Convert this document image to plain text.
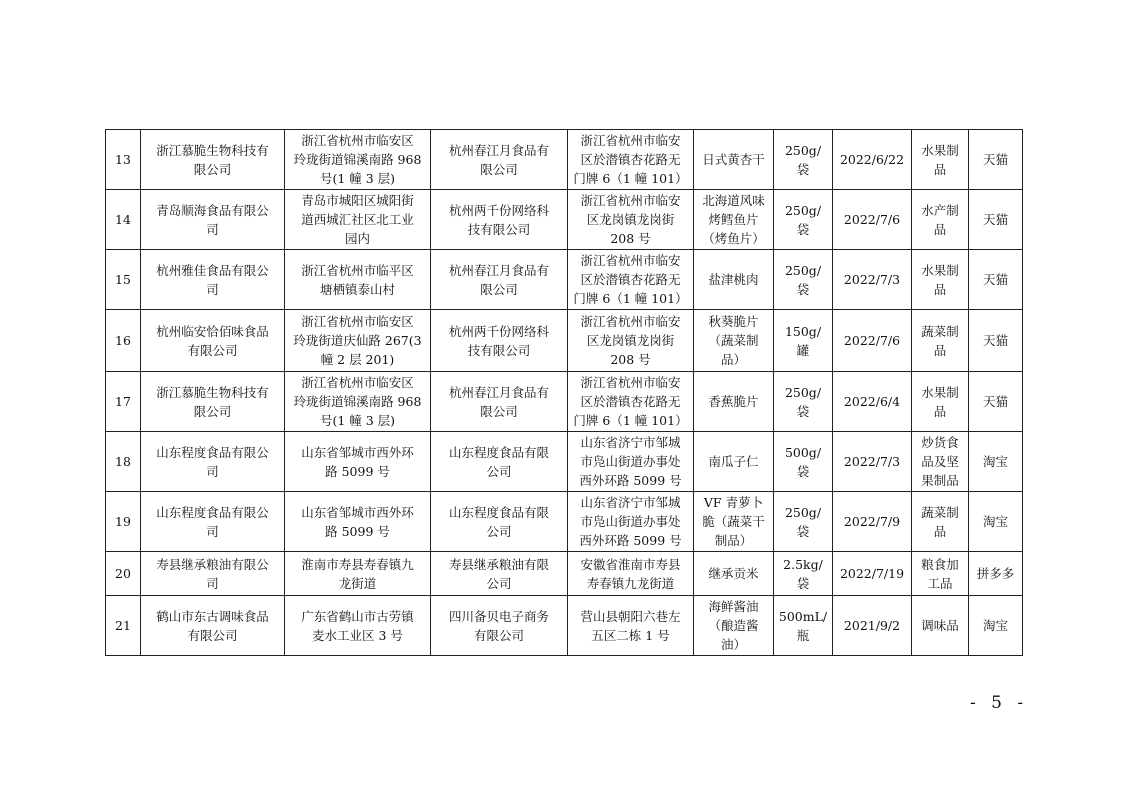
13	浙江慕脆生物科技有
限公司	浙江省杭州市临安区
玲珑街道锦溪南路 968
号(1 幢 3 层)	杭州春江月食品有
限公司	浙江省杭州市临安
区於潜镇杏花路无
门牌 6（1 幢 101）	日式黄杏干	250g/
袋	2022/6/22	水果制
品	天猫
14	青岛顺海食品有限公
司	青岛市城阳区城阳街
道西城汇社区北工业
园内	杭州两千份网络科
技有限公司	浙江省杭州市临安
区龙岗镇龙岗街
208 号	北海道风味
烤鳕鱼片
（烤鱼片）	250g/
袋	2022/7/6	水产制
品	天猫
15	杭州雅佳食品有限公
司	浙江省杭州市临平区
塘栖镇泰山村	杭州春江月食品有
限公司	浙江省杭州市临安
区於潜镇杏花路无
门牌 6（1 幢 101）	盐津桃肉	250g/
袋	2022/7/3	水果制
品	天猫
16	杭州临安恰佰味食品
有限公司	浙江省杭州市临安区
玲珑街道庆仙路 267(3
幢 2 层 201)	杭州两千份网络科
技有限公司	浙江省杭州市临安
区龙岗镇龙岗街
208 号	秋葵脆片
（蔬菜制
品）	150g/
罐	2022/7/6	蔬菜制
品	天猫
17	浙江慕脆生物科技有
限公司	浙江省杭州市临安区
玲珑街道锦溪南路 968
号(1 幢 3 层)	杭州春江月食品有
限公司	浙江省杭州市临安
区於潜镇杏花路无
门牌 6（1 幢 101）	香蕉脆片	250g/
袋	2022/6/4	水果制
品	天猫
18	山东程度食品有限公
司	山东省邹城市西外环
路 5099 号	山东程度食品有限
公司	山东省济宁市邹城
市凫山街道办事处
西外环路 5099 号	南瓜子仁	500g/
袋	2022/7/3	炒货食
品及坚
果制品	淘宝
19	山东程度食品有限公
司	山东省邹城市西外环
路 5099 号	山东程度食品有限
公司	山东省济宁市邹城
市凫山街道办事处
西外环路 5099 号	VF 青萝卜
脆（蔬菜干
制品）	250g/
袋	2022/7/9	蔬菜制
品	淘宝
20	寿县继承粮油有限公
司	淮南市寿县寿春镇九
龙街道	寿县继承粮油有限
公司	安徽省淮南市寿县
寿春镇九龙街道	继承贡米	2.5kg/
袋	2022/7/19	粮食加
工品	拼多多
21	鹤山市东古调味食品
有限公司	广东省鹤山市古劳镇
麦水工业区 3 号	四川备贝电子商务
有限公司	营山县朝阳六巷左
五区二栋 1 号	海鲜酱油
（酿造酱
油）	500mL/
瓶	2021/9/2	调味品	淘宝
- 5 -
